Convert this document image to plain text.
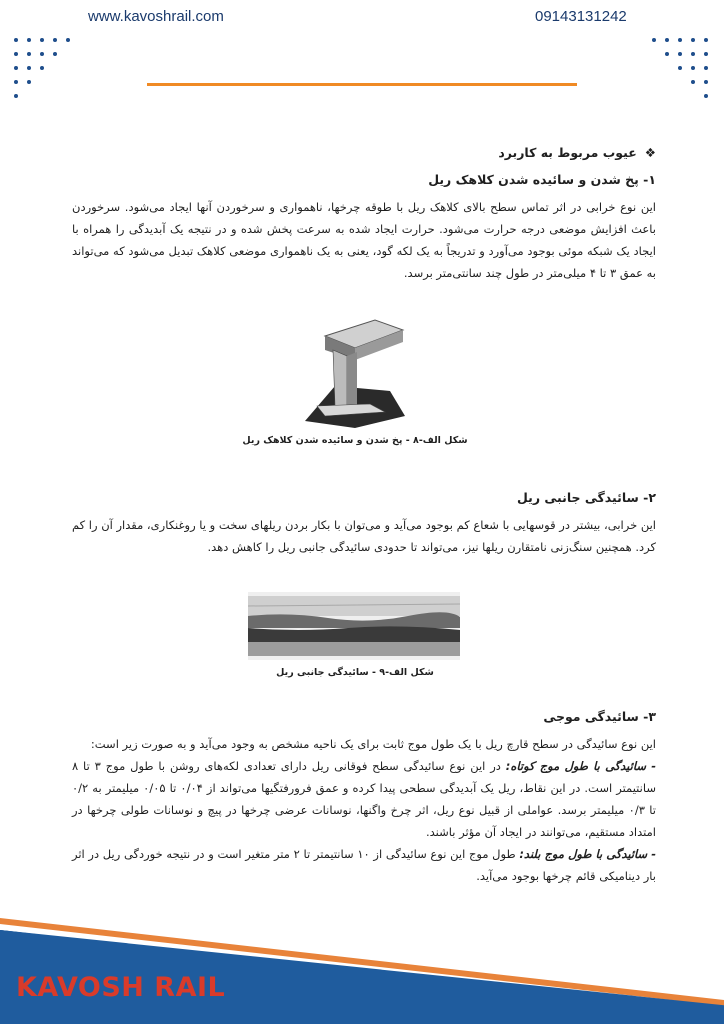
www.kavoshrail.com	09143131242
❖عیوب مربوط به کاربرد
۱- پخ شدن و سائیده شدن کلاهک ریل

این نوع خرابی در اثر تماس سطح بالای کلاهک ریل با طوقه چرخها، ناهمواری و سرخوردن آنها ایجاد می‌شود. سرخوردن باعث افزایش موضعی درجه حرارت می‌شود. حرارت ایجاد شده به سرعت پخش شده و در نتیجه یک آبدیدگی را همراه با ایجاد یک شبکه موئی بوجود می‌آورد و تدریجاً به یک لکه گود، یعنی به یک ناهمواری موضعی کلاهک تبدیل می‌شود که می‌تواند به عمق ۳ تا ۴ میلی‌متر در طول چند سانتی‌متر برسد.

شکل الف-۸ - پخ شدن و سائیده شدن کلاهک ریل
۲- سائیدگی جانبی ریل

این خرابی، بیشتر در قوسهایی با شعاع کم بوجود می‌آید و می‌توان با بکار بردن ریلهای سخت و یا روغنکاری، مقدار آن را کم کرد. همچنین سنگ‌زنی نامتقارن ریلها نیز، می‌تواند تا حدودی سائیدگی جانبی ریل را کاهش دهد.

شکل الف-۹ - سائیدگی جانبی ریل
۳- سائیدگی موجی

این نوع سائیدگی در سطح قارچ ریل با یک طول موج ثابت برای یک ناحیه مشخص به وجود می‌آید و به صورت زیر است:

- سائیدگی با طول موج کوتاه: در این نوع سائیدگی سطح فوقانی ریل دارای تعدادی لکه‌های روشن با طول موج ۳ تا ۸ سانتیمتر است. در این نقاط، ریل یک آبدیدگی سطحی پیدا کرده و عمق فرورفتگیها می‌تواند از ۰/۰۴ تا ۰/۰۵ میلیمتر به ۰/۲ تا ۰/۳ میلیمتر برسد. عواملی از قبیل نوع ریل، اثر چرخ واگنها، نوسانات عرضی چرخها در پیچ و نوسانات طولی چرخها در امتداد مستقیم، می‌توانند در ایجاد آن مؤثر باشند.

- سائیدگی با طول موج بلند: طول موج این نوع سائیدگی از ۱۰ سانتیمتر تا ۲ متر متغیر است و در نتیجه خوردگی ریل در اثر بار دینامیکی قائم چرخها بوجود می‌آید.

KAVOSH RAIL
